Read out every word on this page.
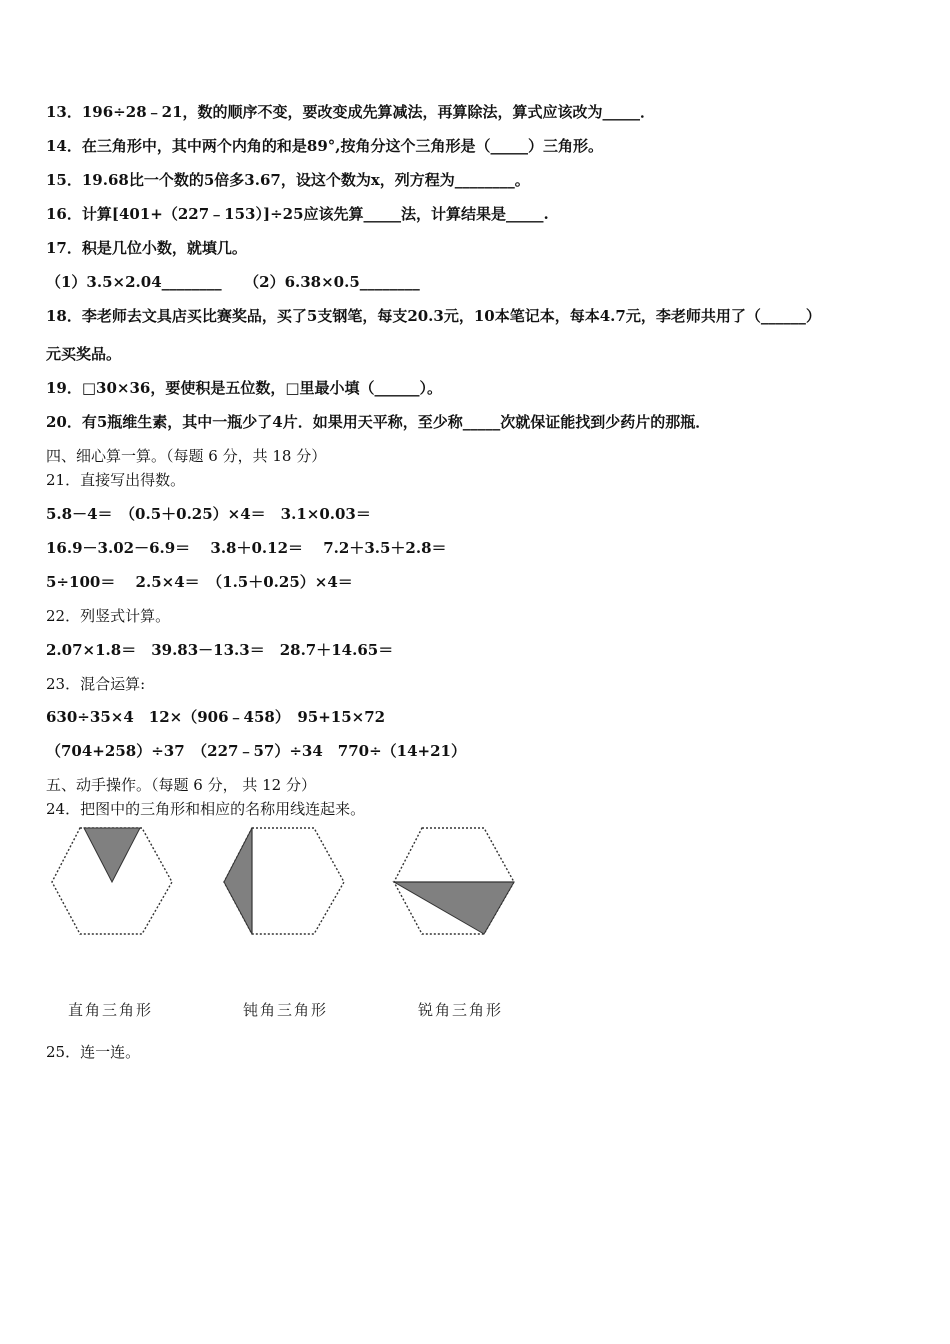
13．196÷28﹣21，数的顺序不变，要改变成先算减法，再算除法，算式应该改为_____．
14．在三角形中，其中两个内角的和是89°,按角分这个三角形是（_____）三角形。
15．19.68比一个数的5倍多3.67，设这个数为x，列方程为________。
16．计算[401+（227﹣153）]÷25应该先算_____法，计算结果是_____.
17．积是几位小数，就填几。
（1）3.5×2.04________　　（2）6.38×0.5________
18．李老师去文具店买比赛奖品，买了5支钢笔，每支20.3元，10本笔记本，每本4.7元，李老师共用了（______）
元买奖品。
19．□30×36，要使积是五位数，□里最小填（______）。
20．有5瓶维生素，其中一瓶少了4片．如果用天平称，至少称_____次就保证能找到少药片的那瓶．
四、细心算一算。（每题 6 分，共 18 分）
21．直接写出得数。
5.8－4＝　（0.5＋0.25）×4＝　3.1×0.03＝
16.9－3.02－6.9＝　 3.8＋0.12＝　 7.2＋3.5＋2.8＝
5÷100＝　 2.5×4＝　（1.5＋0.25）×4＝
22．列竖式计算。
2.07×1.8＝　39.83－13.3＝　28.7＋14.65＝
23．混合运算:
630÷35×4　12×（906﹣458）　95+15×72
（704+258）÷37　（227﹣57）÷34　770÷（14+21）
五、动手操作。（每题 6 分， 共 12 分）
24．把图中的三角形和相应的名称用线连起来。
直角三角形	钝角三角形	锐角三角形
25．连一连。
